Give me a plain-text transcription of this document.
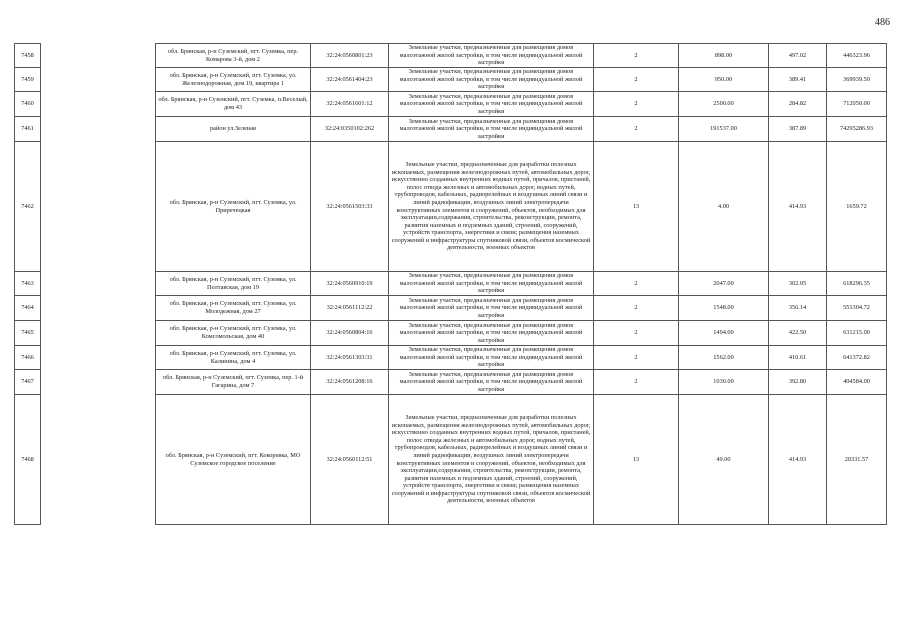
486
7458		обл. Брянская, р-н Суземский, пгт. Суземка, пер. Комарова 3-й, дом 2	32:24:0560801:23	Земельные участки, предназначенные для размещения домов малоэтажной жилой застройки, в том числе индивидуальной жилой застройки	2	898.00	497.02	446323.96
7459		обл. Брянская, р-н Суземский, пгт. Суземка, ул. Железнодорожная, дом 19, квартира 1	32:24:0561404:23	Земельные участки, предназначенные для размещения домов малоэтажной жилой застройки, в том числе индивидуальной жилой застройки	2	950.00	389.41	369939.50
7460		обл. Брянская, р-н Суземский, пгт. Суземка, п.Веселый, дом 43	32:24:0561601:12	Земельные участки, предназначенные для размещения домов малоэтажной жилой застройки, в том числе индивидуальной жилой застройки	2	2500.00	284.82	712050.00
7461		район ул.Зеленая	32:24:0350102:262	Земельные участки, предназначенные для размещения домов малоэтажной жилой застройки, в том числе индивидуальной жилой застройки	2	191537.00	387.89	74295286.93
7462		обл. Брянская, р-н Суземский, пгт. Суземка, ул. Приречецкая	32:24:0561503:33	Земельные участки, предназначенные для разработки полезных ископаемых, размещения железнодорожных путей, автомобильных дорог, искусственно созданных внутренних водных путей, причалов, пристаней, полос отвода железных и автомобильных дорог, водных путей, трубопроводов, кабельных, радиорелейных и воздушных линий связи и линий радиофикации, воздушных линий электропередачи конструктивных элементов и сооружений, объектов, необходимых для эксплуатации,содержания, строительства, реконструкции, ремонта, развития наземных и подземных зданий, строений, сооружений, устройств транспорта, энергетики и связи; размещения наземных сооружений и инфраструктуры спутниковой связи, объектов космической деятельности, военных объектов	13	4.00	414.93	1659.72
7463		обл. Брянская, р-н Суземский, пгт. Суземка, ул. Полтавская, дом 19	32:24:0560910:19	Земельные участки, предназначенные для размещения домов малоэтажной жилой застройки, в том числе индивидуальной жилой застройки	2	2047.00	302.05	618296.35
7464		обл. Брянская, р-н Суземский, пгт. Суземка, ул. Молодежная, дом 27	32:24:0561112:22	Земельные участки, предназначенные для размещения домов малоэтажной жилой застройки, в том числе индивидуальной жилой застройки	2	1548.00	356.14	551304.72
7465		обл. Брянская, р-н Суземский, пгт. Суземка, ул. Комсомольская, дом 40	32:24:0560804:16	Земельные участки, предназначенные для размещения домов малоэтажной жилой застройки, в том числе индивидуальной жилой застройки	2	1494.00	422.50	631215.00
7466		обл. Брянская, р-н Суземский, пгт. Суземка, ул. Калинина, дом 4	32:24:0561303:31	Земельные участки, предназначенные для размещения домов малоэтажной жилой застройки, в том числе индивидуальной жилой застройки	2	1562.00	410.61	641372.82
7467		обл. Брянская, р-н Суземский, пгт. Суземка, пер. 1-й Гагарина, дом 7	32:24:0561208:16	Земельные участки, предназначенные для размещения домов малоэтажной жилой застройки, в том числе индивидуальной жилой застройки	2	1030.00	392.80	404584.00
7468		обл. Брянская, р-н Суземский, пгт. Кокоревка, МО Суземское городское поселение	32:24:0560112:51	Земельные участки, предназначенные для разработки полезных ископаемых, размещения железнодорожных путей, автомобильных дорог, искусственно созданных внутренних водных путей, причалов, пристаней, полос отвода железных и автомобильных дорог, водных путей, трубопроводов, кабельных, радиорелейных и воздушных линий связи и линий радиофикации, воздушных линий электропередачи конструктивных элементов и сооружений, объектов, необходимых для эксплуатации,содержания, строительства, реконструкции, ремонта, развития наземных и подземных зданий, строений, сооружений, устройств транспорта, энергетики и связи; размещения наземных сооружений и инфраструктуры спутниковой связи, объектов космической деятельности, военных объектов	13	49.00	414.93	20331.57
